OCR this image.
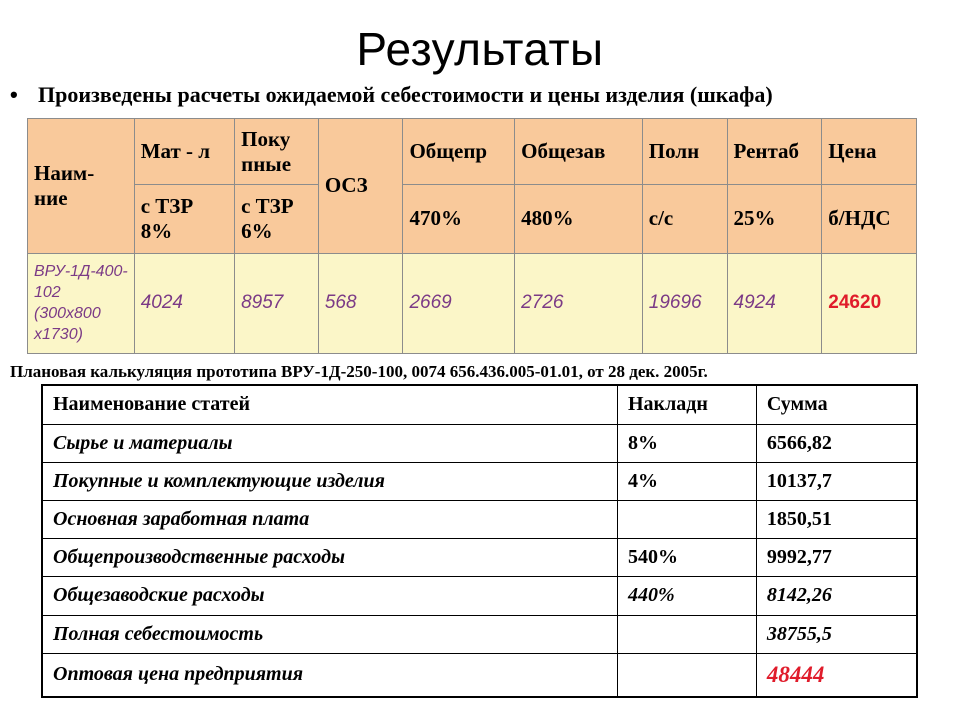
Результаты
• Произведены расчеты ожидаемой себестоимости и цены изделия (шкафа)
Наим-ние	Мат - л	Поку пные	ОСЗ	Общепр	Общезав	Полн	Рентаб	Цена
	с ТЗР 8%	с ТЗР 6%		470%	480%	с/с	25%	б/НДС
ВРУ-1Д-400-102 (300х800 х1730)	4024	8957	568	2669	2726	19696	4924	24620
Плановая калькуляция прототипа ВРУ-1Д-250-100, 0074 656.436.005-01.01, от 28 дек. 2005г.
Наименование статей	Накладн	Сумма
Сырье и материалы	8%	6566,82
Покупные и комплектующие изделия	4%	10137,7
Основная заработная плата		1850,51
Общепроизводственные расходы	540%	9992,77
Общезаводские расходы	440%	8142,26
Полная себестоимость		38755,5
Оптовая цена предприятия		48444
